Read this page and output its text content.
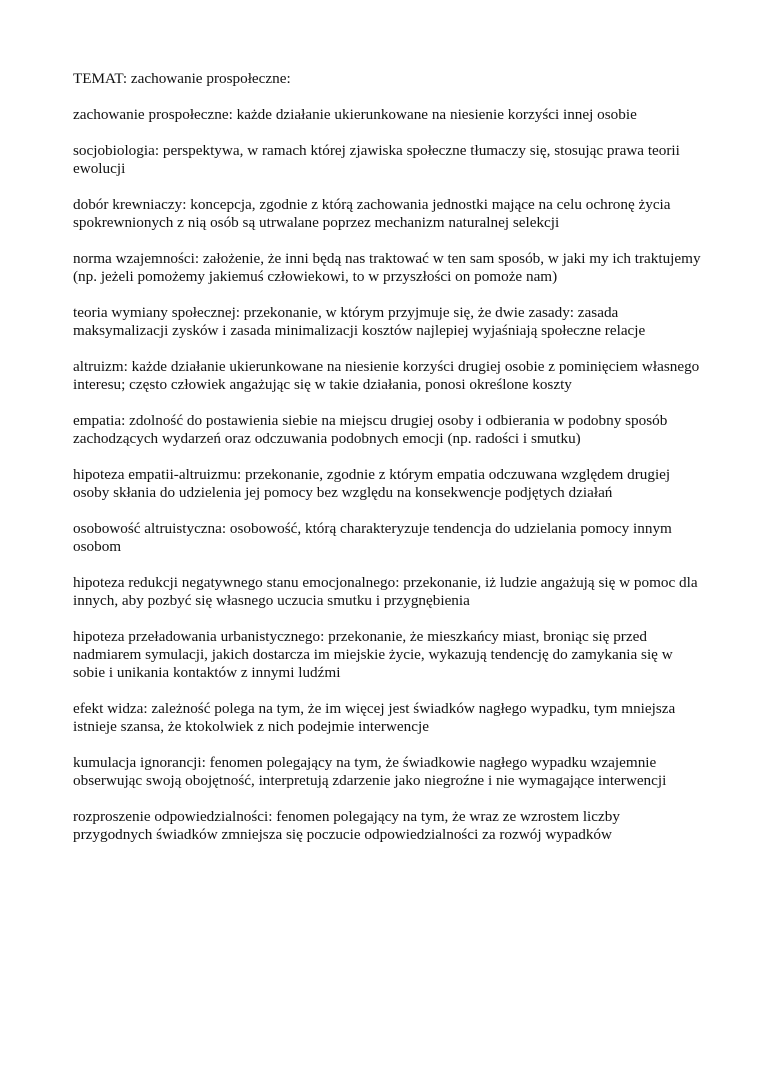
TEMAT: zachowanie prospołeczne:

zachowanie prospołeczne: każde działanie ukierunkowane na niesienie korzyści innej osobie

socjobiologia: perspektywa, w ramach której zjawiska społeczne tłumaczy się, stosując prawa teorii ewolucji

dobór krewniaczy: koncepcja, zgodnie z którą zachowania jednostki mające na celu ochronę życia spokrewnionych z nią osób są utrwalane poprzez mechanizm naturalnej selekcji

norma wzajemności: założenie, że inni będą nas traktować w ten sam sposób, w jaki my ich traktujemy (np. jeżeli pomożemy jakiemuś człowiekowi, to w przyszłości on pomoże nam)

teoria wymiany społecznej: przekonanie, w którym przyjmuje się, że dwie zasady: zasada maksymalizacji zysków i zasada minimalizacji kosztów najlepiej wyjaśniają społeczne relacje

altruizm: każde działanie ukierunkowane na niesienie korzyści drugiej osobie z pominięciem własnego interesu; często człowiek angażując się w takie działania, ponosi określone koszty

empatia: zdolność do postawienia siebie na miejscu drugiej osoby i odbierania w podobny sposób zachodzących wydarzeń oraz odczuwania podobnych emocji (np. radości i smutku)

hipoteza empatii-altruizmu: przekonanie, zgodnie z którym empatia odczuwana względem drugiej osoby skłania do udzielenia jej pomocy bez względu na konsekwencje podjętych działań

osobowość altruistyczna: osobowość, którą charakteryzuje tendencja do udzielania pomocy innym osobom

hipoteza redukcji negatywnego stanu emocjonalnego: przekonanie, iż ludzie angażują się w pomoc dla innych, aby pozbyć się własnego uczucia smutku i przygnębienia

hipoteza przeładowania urbanistycznego: przekonanie, że mieszkańcy miast, broniąc się przed nadmiarem symulacji, jakich dostarcza im miejskie życie, wykazują tendencję do zamykania się w sobie i unikania kontaktów z innymi ludźmi

efekt widza: zależność polega na tym, że im więcej jest świadków nagłego wypadku, tym mniejsza istnieje szansa, że ktokolwiek z nich podejmie interwencje

kumulacja ignorancji: fenomen polegający na tym, że świadkowie nagłego wypadku wzajemnie obserwując swoją obojętność, interpretują zdarzenie jako niegroźne i nie wymagające interwencji

rozproszenie odpowiedzialności: fenomen polegający na tym, że wraz ze wzrostem liczby przygodnych świadków zmniejsza się poczucie odpowiedzialności za rozwój wypadków
